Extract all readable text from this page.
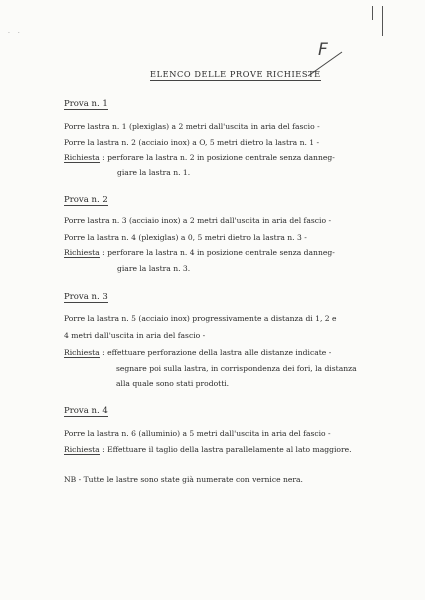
. .
F
ELENCO DELLE PROVE RICHIESTE
Prova n. 1
Porre lastra n. 1 (plexiglas) a 2 metri dall'uscita in aria del fascio -
Porre la lastra n. 2 (acciaio inox) a O, 5 metri dietro la lastra n. 1 -
Richiesta : perforare la lastra n. 2 in posizione centrale senza danneg-
giare la lastra n. 1.
Prova n. 2
Porre lastra n. 3 (acciaio inox) a 2 metri dall'uscita in aria del fascio -
Porre la lastra n. 4 (plexiglas) a 0, 5 metri dietro la lastra n. 3 -
Richiesta : perforare la lastra n. 4 in posizione centrale senza danneg-
giare la lastra n. 3.
Prova n. 3
Porre la lastra n. 5 (acciaio inox) progressivamente a distanza di 1, 2 e
4 metri dall'uscita in aria del fascio -
Richiesta : effettuare perforazione della lastra alle distanze indicate -
segnare poi sulla lastra, in corrispondenza dei fori, la distanza
alla quale sono stati prodotti.
Prova n. 4
Porre la lastra n. 6 (alluminio) a 5 metri dall'uscita in aria del fascio -
Richiesta : Effettuare il taglio della lastra parallelamente al lato maggiore.
NB - Tutte le lastre sono state già numerate con vernice nera.
